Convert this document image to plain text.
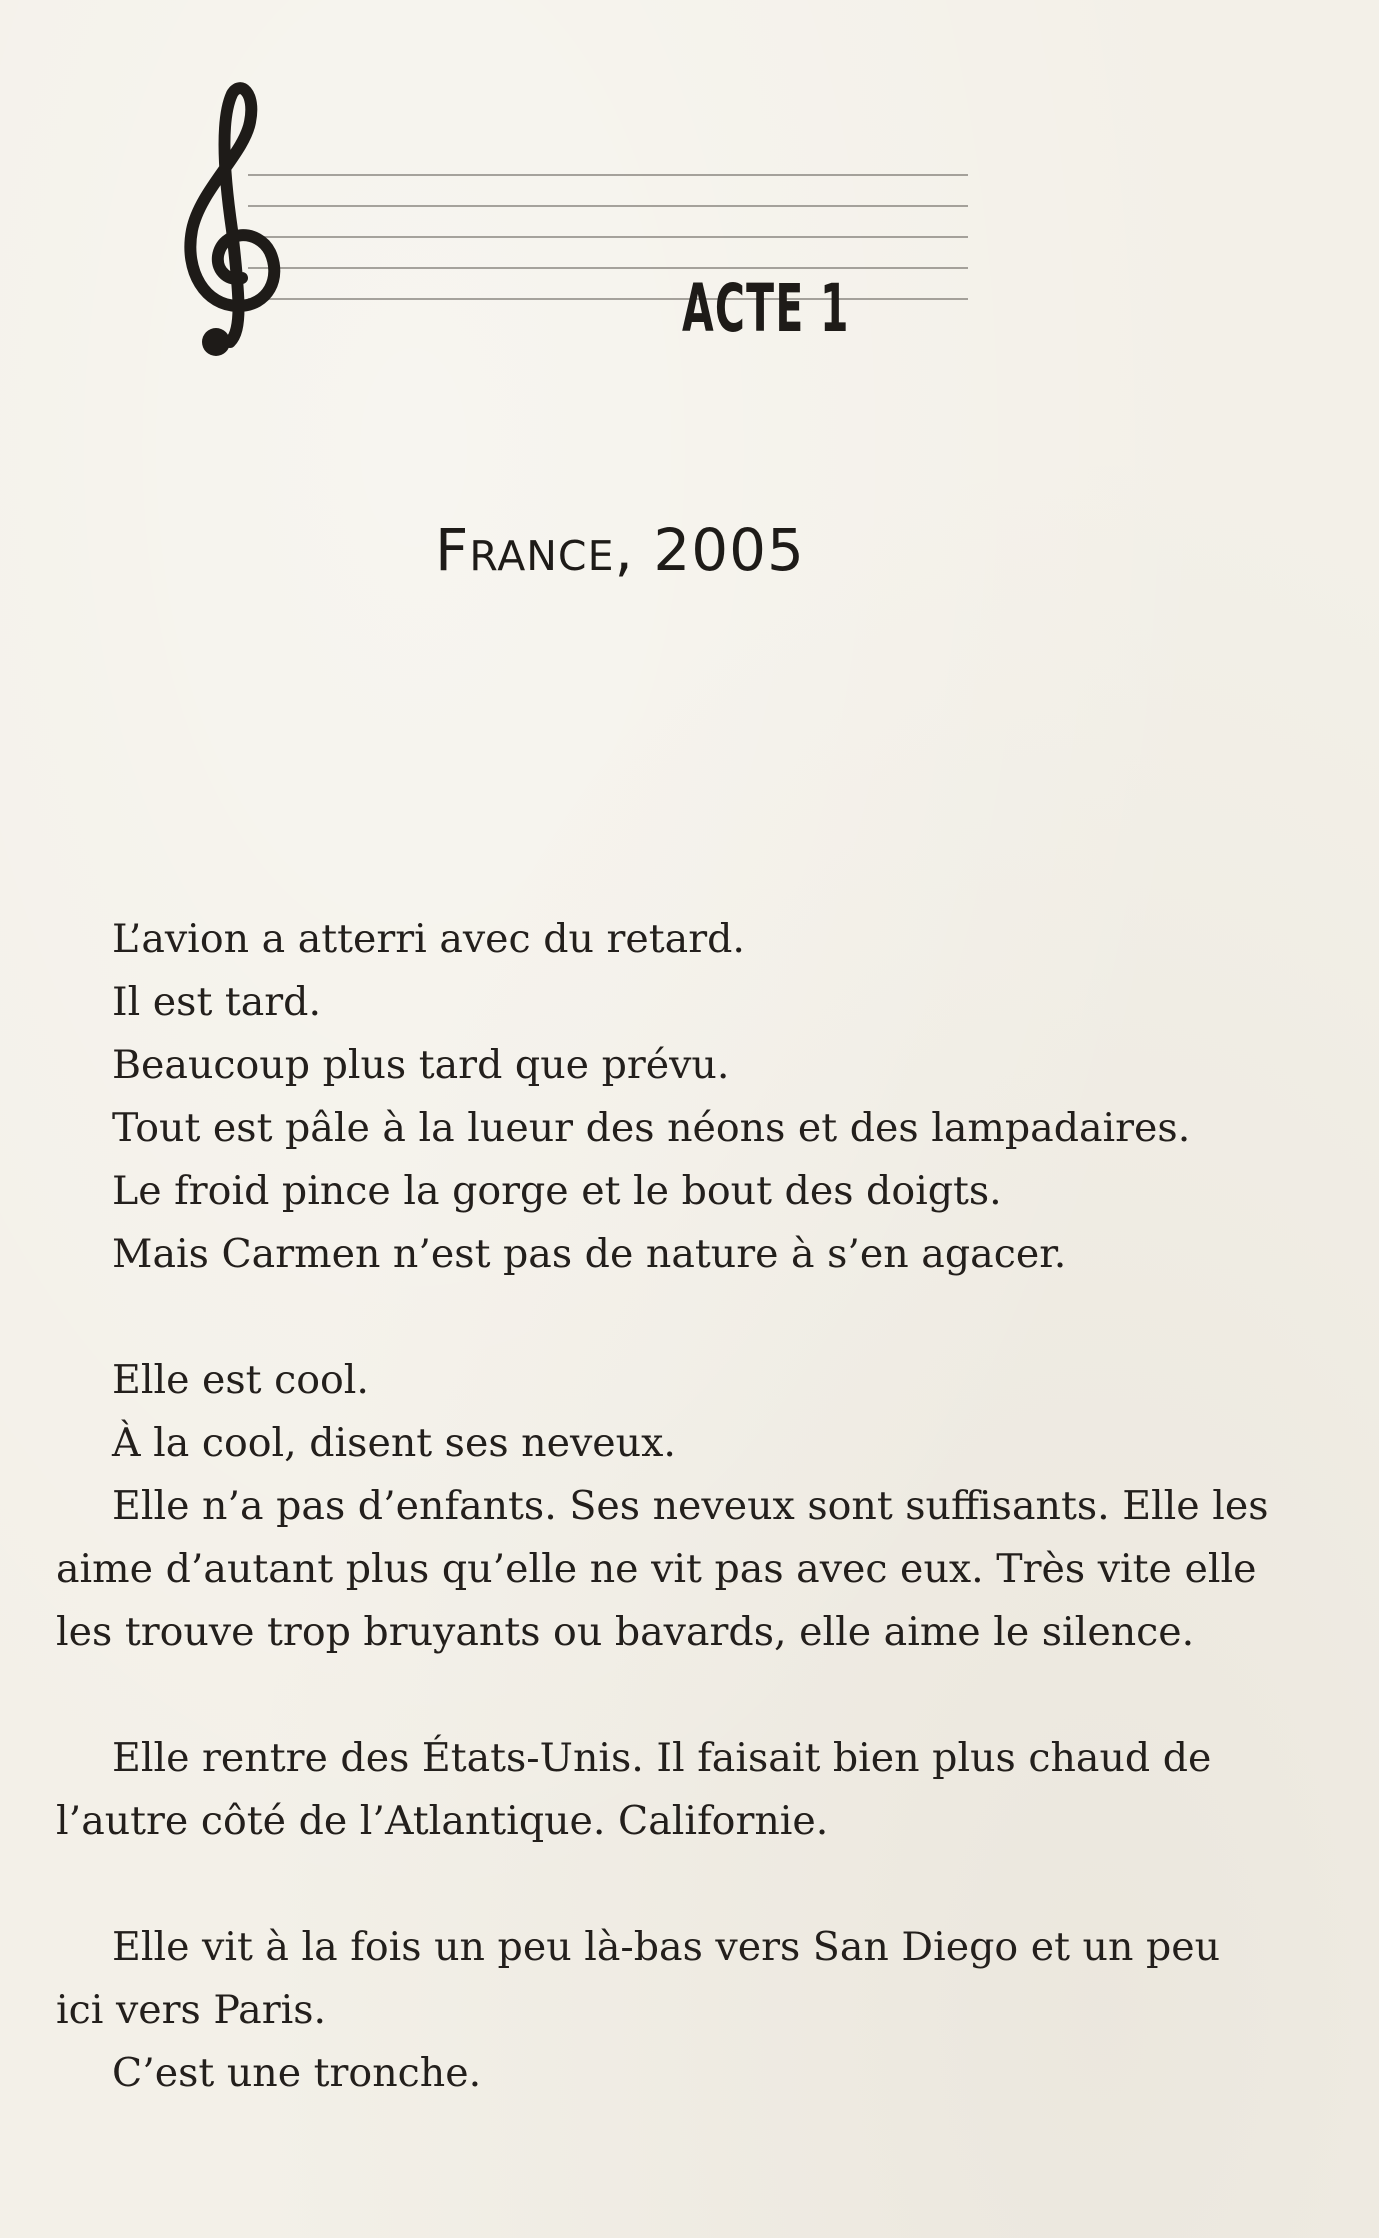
ACTE 1
France, 2005
L’avion a atterri avec du retard.
Il est tard.
Beaucoup plus tard que prévu.
Tout est pâle à la lueur des néons et des lampadaires.
Le froid pince la gorge et le bout des doigts.
Mais Carmen n’est pas de nature à s’en agacer.
Elle est cool.
À la cool, disent ses neveux.
Elle n’a pas d’enfants. Ses neveux sont suffisants. Elle les
aime d’autant plus qu’elle ne vit pas avec eux. Très vite elle
les trouve trop bruyants ou bavards, elle aime le silence.
Elle rentre des États-Unis. Il faisait bien plus chaud de
l’autre côté de l’Atlantique. Californie.
Elle vit à la fois un peu là-bas vers San Diego et un peu
ici vers Paris.
C’est une tronche.
